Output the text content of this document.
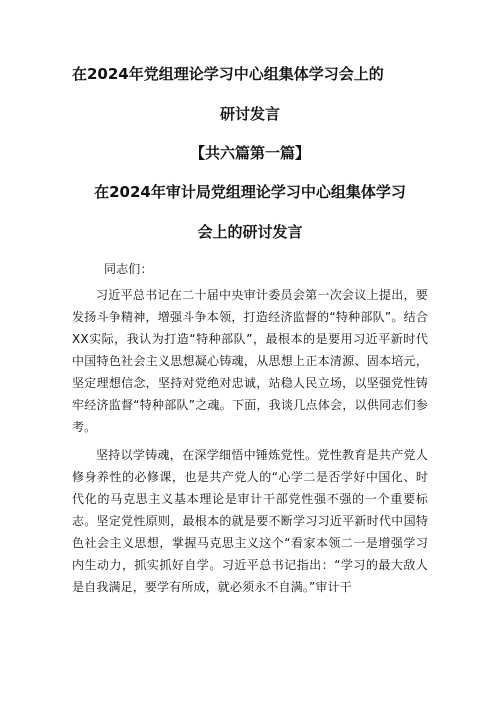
在2024年党组理论学习中心组集体学习会上的
研讨发言
【共六篇第一篇】
在2024年审计局党组理论学习中心组集体学习
会上的研讨发言
同志们：

习近平总书记在二十届中央审计委员会第一次会议上提出，要发扬斗争精神，增强斗争本领，打造经济监督的“特种部队”。结合XX实际，我认为打造“特种部队”，最根本的是要用习近平新时代中国特色社会主义思想凝心铸魂，从思想上正本清源、固本培元，坚定理想信念，坚持对党绝对忠诚，站稳人民立场，以坚强党性铸牢经济监督“特种部队”之魂。下面，我谈几点体会，以供同志们参考。

坚持以学铸魂，在深学细悟中锤炼党性。党性教育是共产党人修身养性的必修课，也是共产党人的“心学二是否学好中国化、时代化的马克思主义基本理论是审计干部党性强不强的一个重要标志。坚定党性原则，最根本的就是要不断学习习近平新时代中国特色社会主义思想，掌握马克思主义这个“看家本领二一是增强学习内生动力，抓实抓好自学。习近平总书记指出：“学习的最大敌人是自我满足，要学有所成，就必须永不自满。”审计干
